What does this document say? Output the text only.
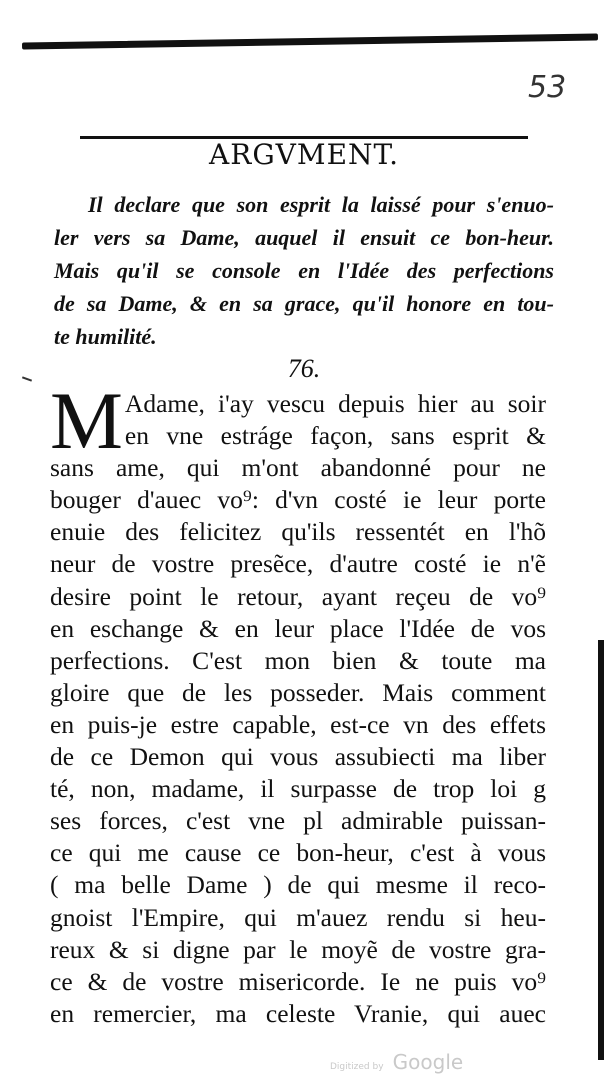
53
ARGVMENT.
Il declare que son esprit la laissé pour s'enuo-
ler vers sa Dame, auquel il ensuit ce bon-heur.
Mais qu'il se console en l'Idée des perfections
de sa Dame, & en sa grace, qu'il honore en tou-
te humilité.
76.
M Adame, i'ay vescu depuis hier au soir
en vne estráge façon, sans esprit &
sans ame, qui m'ont abandonné pour ne
bouger d'auec vo⁹: d'vn costé ie leur porte
enuie des felicitez qu'ils ressentét en l'hõ
neur de vostre presẽce, d'autre costé ie n'ẽ
desire point le retour, ayant reçeu de vo⁹
en eschange & en leur place l'Idée de vos
perfections. C'est mon bien & toute ma
gloire que de les posseder. Mais comment
en puis-je estre capable, est-ce vn des effets
de ce Demon qui vous assubiecti ma liber
té, non, madame, il surpasse de trop loi g
ses forces, c'est vne pl admirable puissan-
ce qui me cause ce bon-heur, c'est à vous
( ma belle Dame ) de qui mesme il reco-
gnoist l'Empire, qui m'auez rendu si heu-
reux & si digne par le moyẽ de vostre gra-
ce & de vostre misericorde. Ie ne puis vo⁹
en remercier, ma celeste Vranie, qui auec
Digitized by Google
